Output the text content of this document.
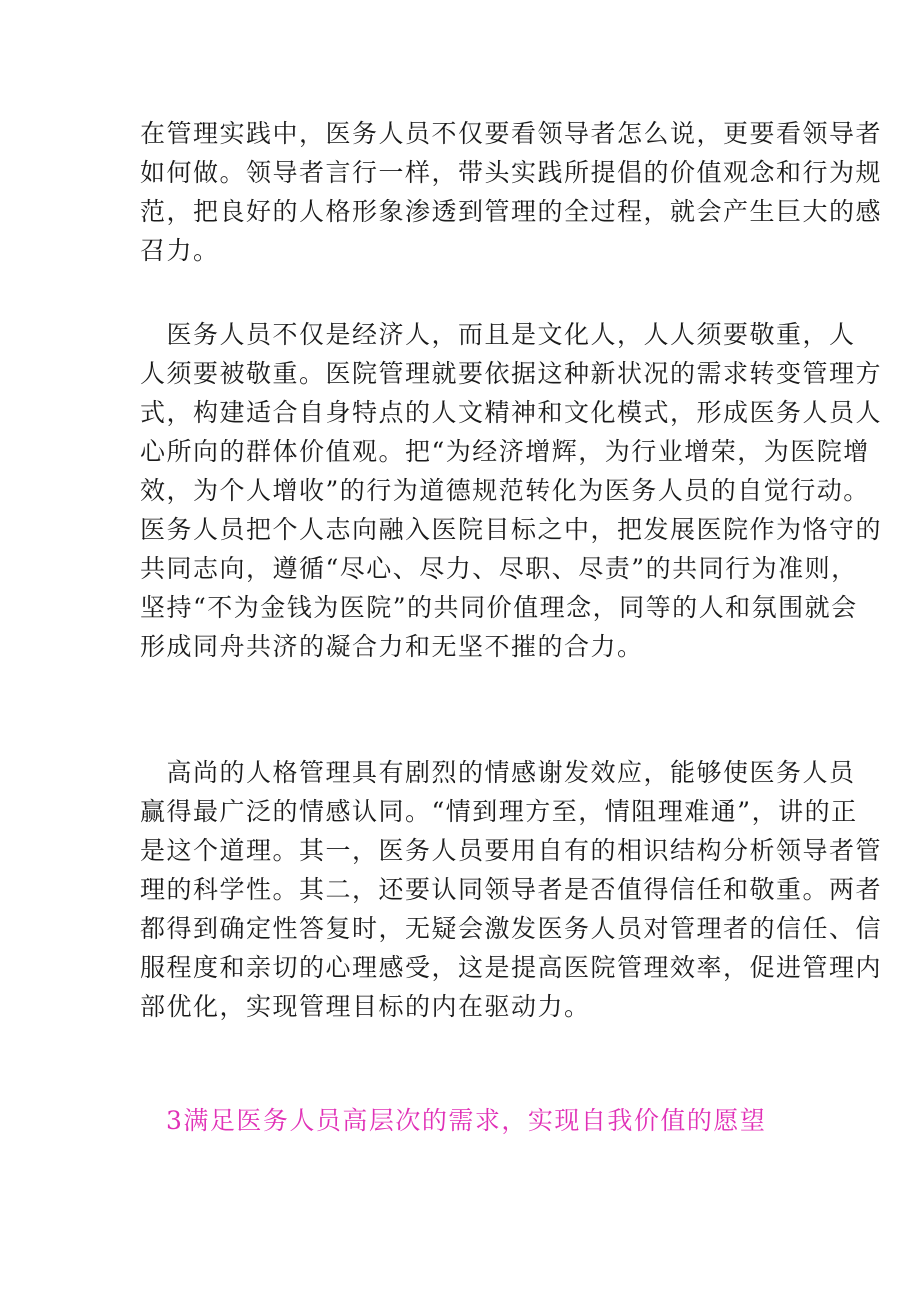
在管理实践中，医务人员不仅要看领导者怎么说，更要看领导者
如何做。领导者言行一样，带头实践所提倡的价值观念和行为规
范，把良好的人格形象渗透到管理的全过程，就会产生巨大的感
召力。

　医务人员不仅是经济人，而且是文化人，人人须要敬重，人
人须要被敬重。医院管理就要依据这种新状况的需求转变管理方
式，构建适合自身特点的人文精神和文化模式，形成医务人员人
心所向的群体价值观。把“为经济增辉，为行业增荣，为医院增
效，为个人增收”的行为道德规范转化为医务人员的自觉行动。
医务人员把个人志向融入医院目标之中，把发展医院作为恪守的
共同志向，遵循“尽心、尽力、尽职、尽责”的共同行为准则，
坚持“不为金钱为医院”的共同价值理念，同等的人和氛围就会
形成同舟共济的凝合力和无坚不摧的合力。

　高尚的人格管理具有剧烈的情感谢发效应，能够使医务人员
赢得最广泛的情感认同。“情到理方至，情阻理难通”，讲的正
是这个道理。其一，医务人员要用自有的相识结构分析领导者管
理的科学性。其二，还要认同领导者是否值得信任和敬重。两者
都得到确定性答复时，无疑会激发医务人员对管理者的信任、信
服程度和亲切的心理感受，这是提高医院管理效率，促进管理内
部优化，实现管理目标的内在驱动力。

3满足医务人员高层次的需求，实现自我价值的愿望
